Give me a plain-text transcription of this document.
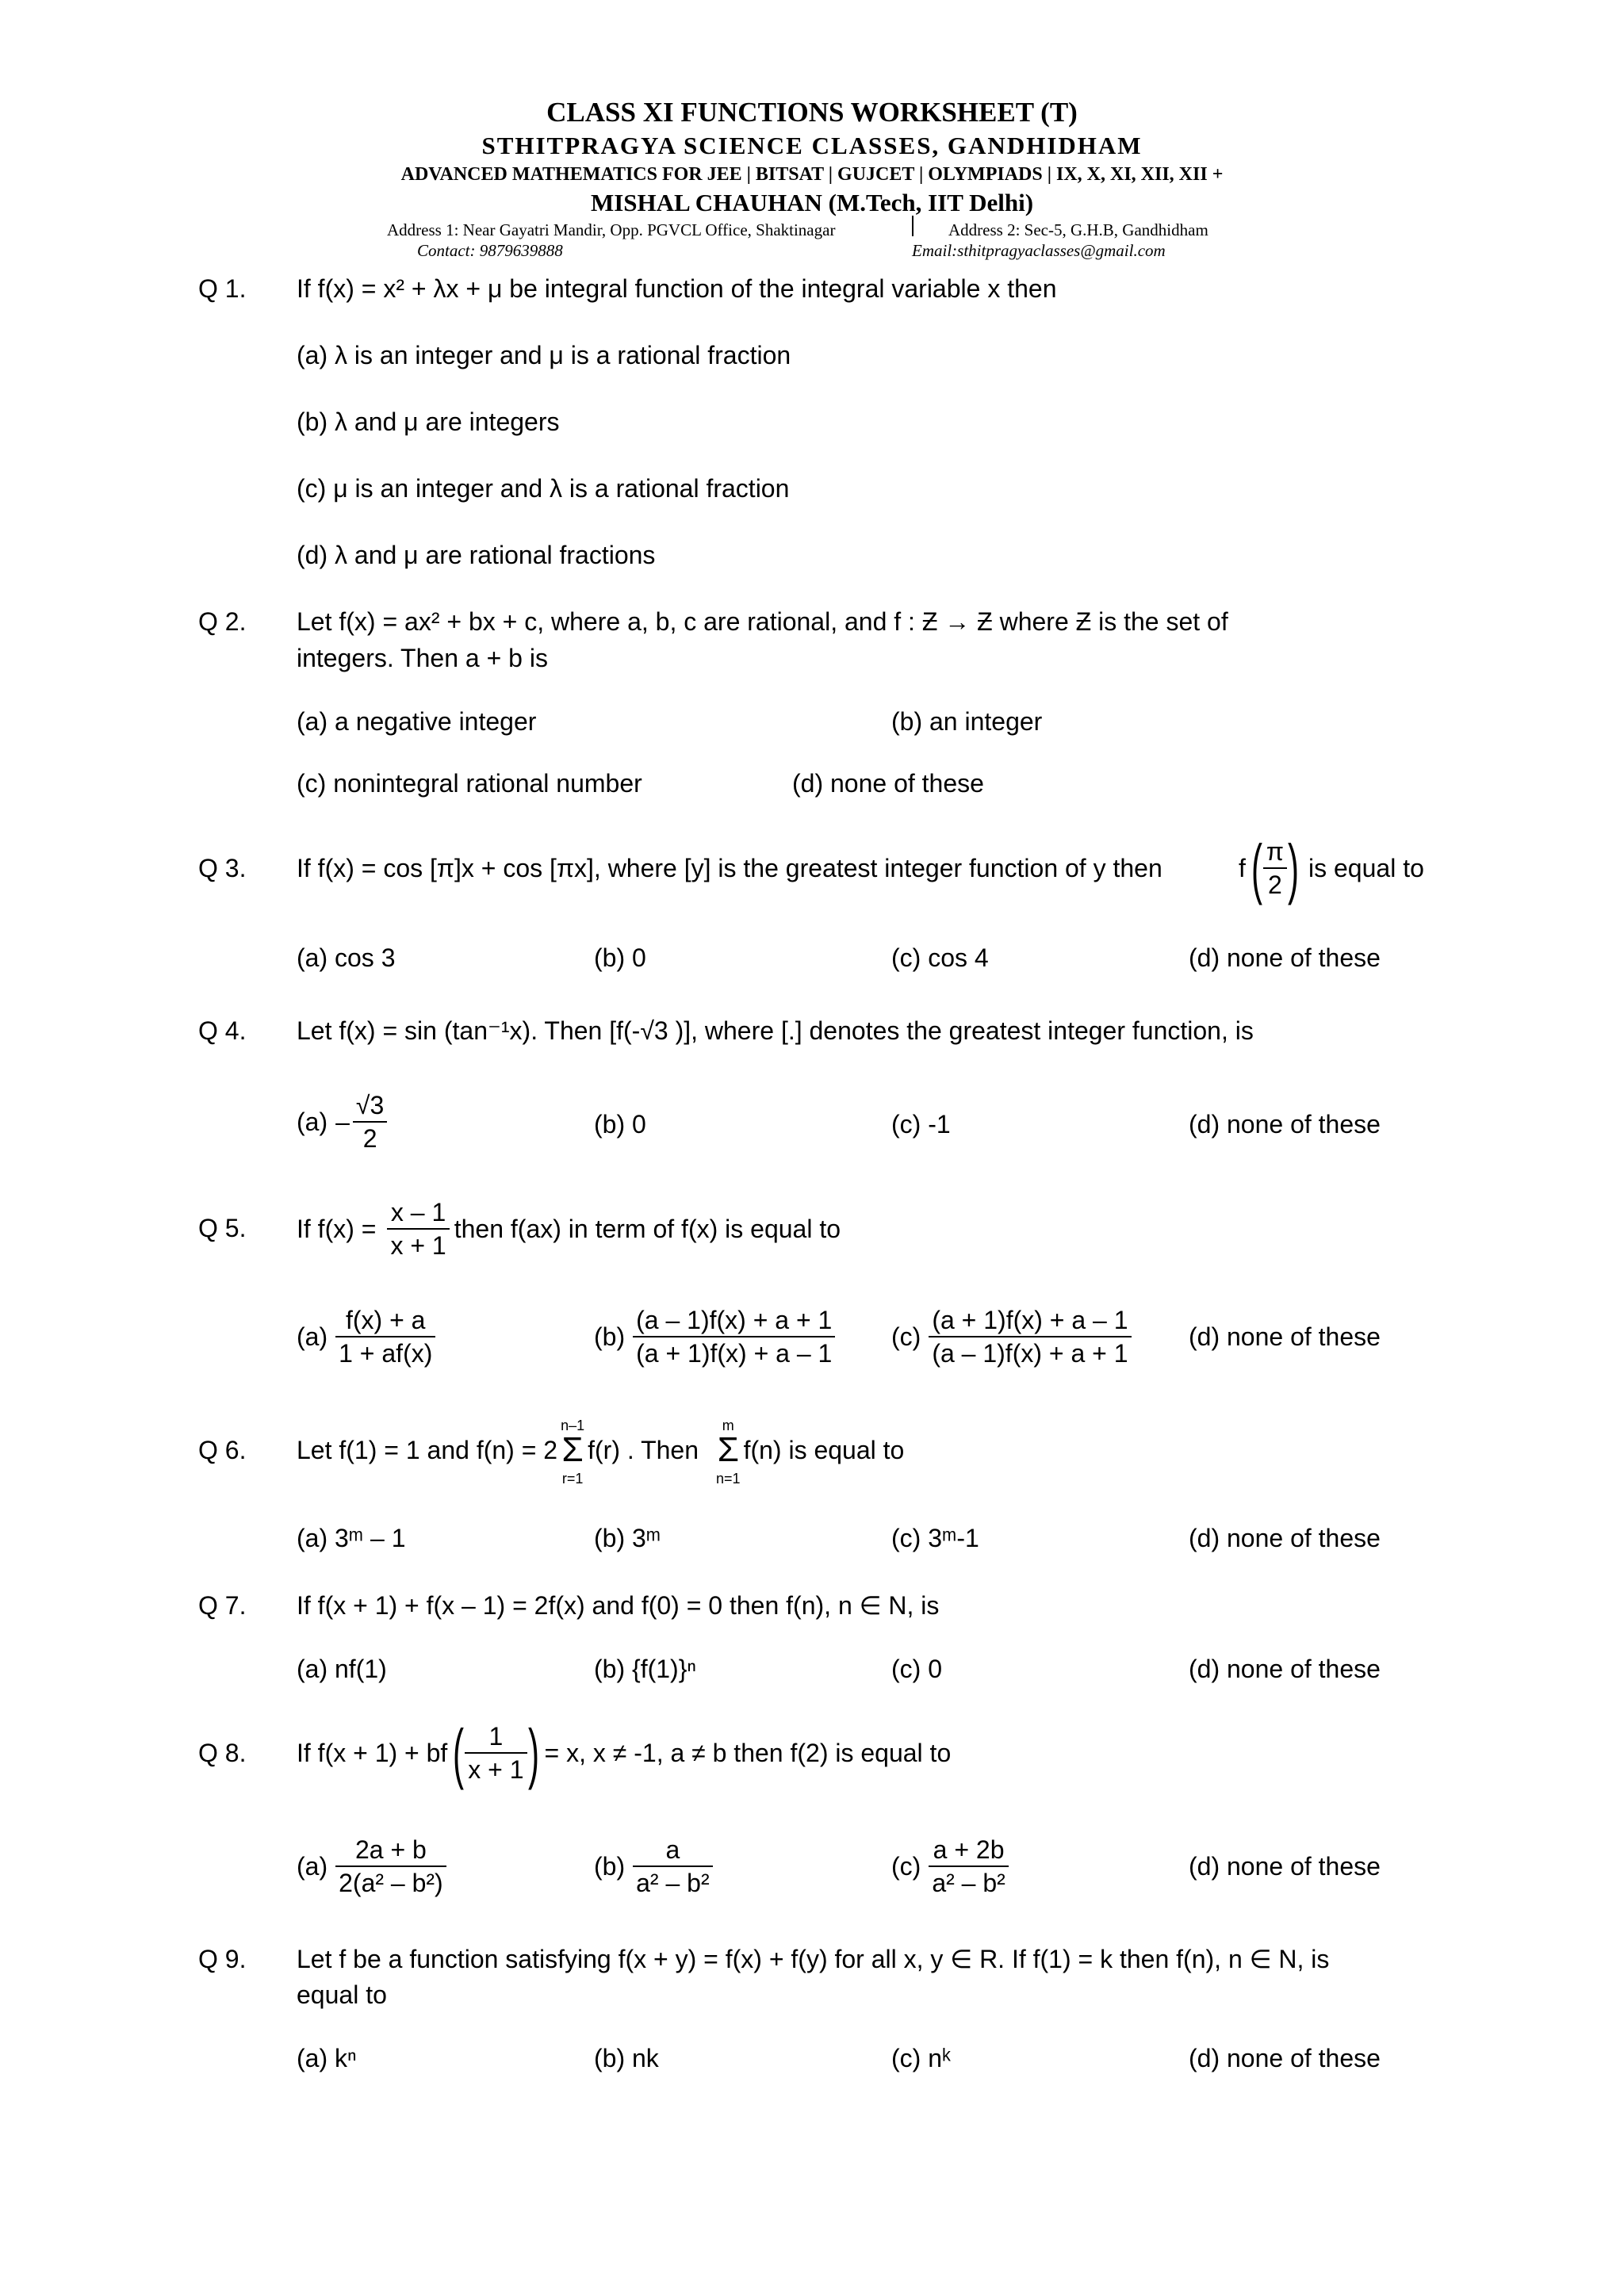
CLASS XI FUNCTIONS WORKSHEET (T)
STHITPRAGYA SCIENCE CLASSES, GANDHIDHAM
ADVANCED MATHEMATICS FOR JEE | BITSAT | GUJCET | OLYMPIADS | IX, X, XI, XII, XII +
MISHAL CHAUHAN (M.Tech, IIT Delhi)
Address 1: Near Gayatri Mandir, Opp. PGVCL Office, Shaktinagar	Address 2: Sec-5, G.H.B, Gandhidham
Contact: 9879639888	Email:sthitpragyaclasses@gmail.com
Q 1. If f(x) = x² + λx + μ be integral function of the integral variable x then
(a) λ is an integer and μ is a rational fraction
(b) λ and μ are integers
(c) μ is an integer and λ is a rational fraction
(d) λ and μ are rational fractions
Q 2. Let f(x) = ax² + bx + c, where a, b, c are rational, and f : Ƶ → Ƶ where Ƶ is the set of
integers. Then a + b is
(a) a negative integer	(b) an integer
(c) nonintegral rational number	(d) none of these
Q 3. If f(x) = cos [π]x + cos [πx], where [y] is the greatest integer function of y then	f ( $\frac{\pi}{2}$ ) is equal to
(a) cos 3	(b) 0	(c) cos 4	(d) none of these
Q 4. Let f(x) = sin (tan⁻¹x). Then [f(-√3 )], where [.] denotes the greatest integer function, is
$(a) - \frac{√3}{2}$	(b) 0	(c) -1	(d) none of these
Q 5. If $f(x) = \frac{x - 1}{x + 1}$ then f(ax) in term of f(x) is equal to
$(a) \frac{f(x) + a}{1 + af(x)}$	$(b) \frac{(a - 1)f(x) + a + 1}{(a + 1)f(x) + a - 1} (c) \frac{(a + 1)f(x) + a - 1}{(a - 1)f(x) + a + 1} (d)$ none of these
Q 6. Let f(1) = 1 and f(n) = 2
n–1
Σ
r=1
f(r) . Then
m
Σ
n=1
f(n) is equal to
(a) 3ᵐ – 1	(b) 3ᵐ	(c) 3ᵐ-1	(d) none of these
Q 7. If f(x + 1) + f(x – 1) = 2f(x) and f(0) = 0 then f(n), n ∈ N, is
(a) nf(1)	(b) {f(1)}ⁿ	(c) 0	(d) none of these
Q 8. If f(x + 1) + bf ( $\frac{1}{x + 1}$ ) = x, x ≠ -1, a ≠ b then f(2) is equal to
$(a) \frac{2a + b}{\text{2(a² – b²)}}$	$(b) \frac{a}{\text{a² – b²}}$	$(c) \frac{a + 2b}{\text{a² – b²}}$	(d) none of these
Q 9. Let f be a function satisfying f(x + y) = f(x) + f(y) for all x, y ∈ R. If f(1) = k then f(n), n ∈ N, is
equal to
(a) kⁿ	(b) nk	(c) nᵏ	(d) none of these
